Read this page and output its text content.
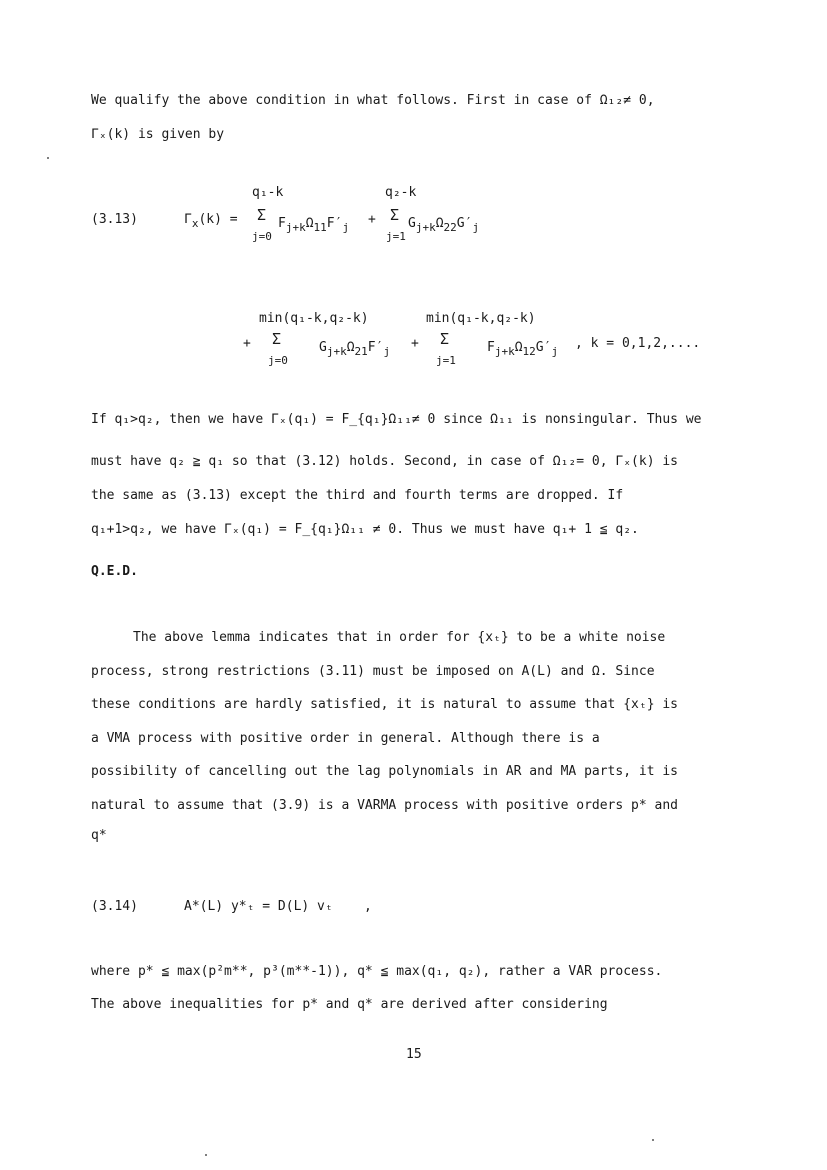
We qualify the above condition in what follows. First in case of Ω₁₂≠ 0,
Γₓ(k) is given by
(3.13)	$\Gamma_x(k)$ =
q₁-k
Σ
j=0
$F_{j+k}\Omega_{11}F'_j$
+
q₂-k
Σ
j=1
$G_{j+k}\Omega_{22}G'_j$
+
min(q₁-k,q₂-k)
Σ
j=0
$G_{j+k}\Omega_{21}F'_j$
+
min(q₁-k,q₂-k)
Σ
j=1
$F_{j+k}\Omega_{12}G'_j$
, k = 0,1,2,....
If q₁>q₂, then we have Γₓ(q₁) = F_{q₁}Ω₁₁≠ 0 since Ω₁₁ is nonsingular. Thus we
must have q₂ ≧ q₁ so that (3.12) holds. Second, in case of Ω₁₂= 0, Γₓ(k) is
the same as (3.13) except the third and fourth terms are dropped. If
q₁+1>q₂, we have Γₓ(q₁) = F_{q₁}Ω₁₁ ≠ 0. Thus we must have q₁+ 1 ≦ q₂.
Q.E.D.
The above lemma indicates that in order for {xₜ} to be a white noise
process, strong restrictions (3.11) must be imposed on A(L) and Ω. Since
these conditions are hardly satisfied, it is natural to assume that {xₜ} is
a VMA process with positive order in general. Although there is a
possibility of cancelling out the lag polynomials in AR and MA parts, it is
natural to assume that (3.9) is a VARMA process with positive orders p* and
q*
(3.14)	A*(L) y*ₜ = D(L) vₜ    ,
where p* ≦ max(p²m**, p³(m**-1)), q* ≦ max(q₁, q₂), rather a VAR process.
The above inequalities for p* and q* are derived after considering
15
